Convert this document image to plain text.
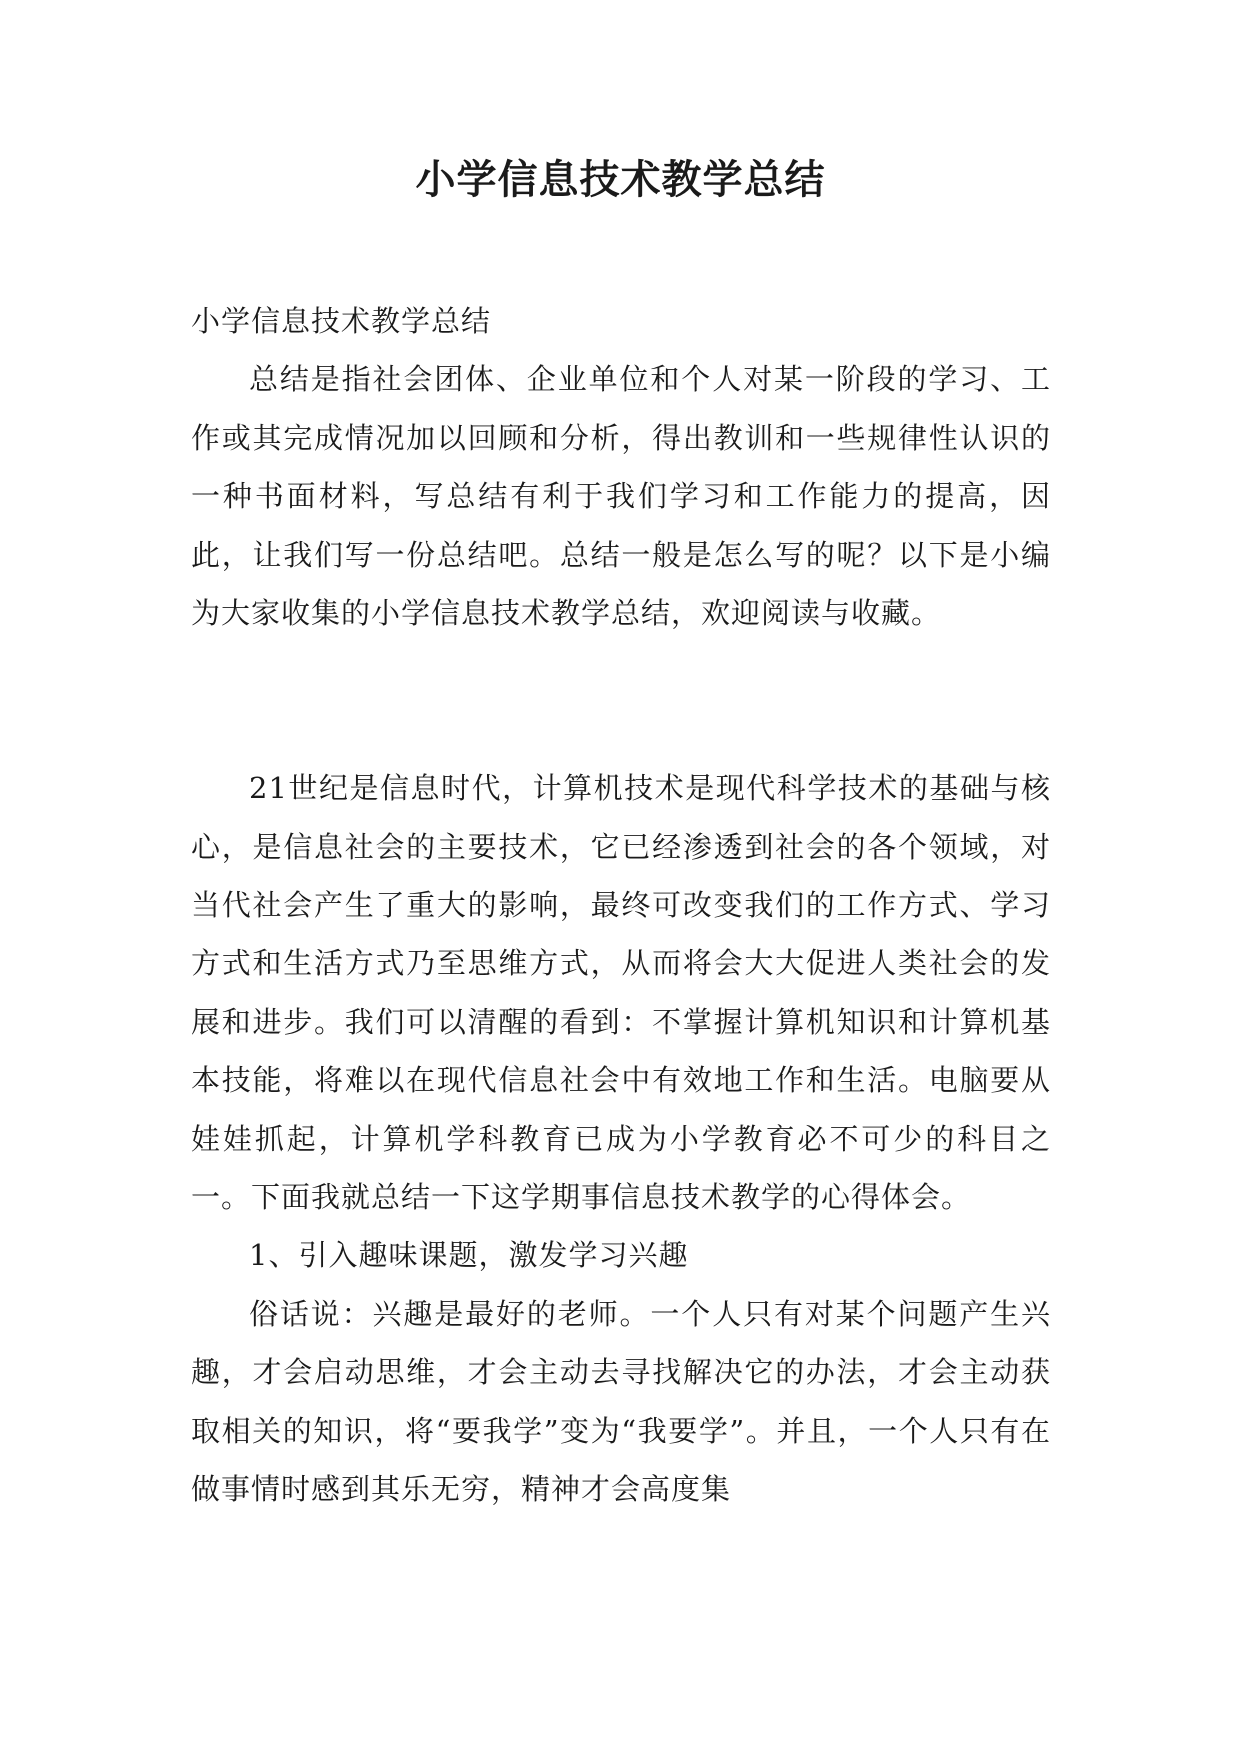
小学信息技术教学总结

小学信息技术教学总结

总结是指社会团体、企业单位和个人对某一阶段的学习、工作或其完成情况加以回顾和分析，得出教训和一些规律性认识的一种书面材料，写总结有利于我们学习和工作能力的提高，因此，让我们写一份总结吧。总结一般是怎么写的呢？以下是小编为大家收集的小学信息技术教学总结，欢迎阅读与收藏。

21世纪是信息时代，计算机技术是现代科学技术的基础与核心，是信息社会的主要技术，它已经渗透到社会的各个领域，对当代社会产生了重大的影响，最终可改变我们的工作方式、学习方式和生活方式乃至思维方式，从而将会大大促进人类社会的发展和进步。我们可以清醒的看到：不掌握计算机知识和计算机基本技能，将难以在现代信息社会中有效地工作和生活。电脑要从娃娃抓起，计算机学科教育已成为小学教育必不可少的科目之一。下面我就总结一下这学期事信息技术教学的心得体会。

1、引入趣味课题，激发学习兴趣

俗话说：兴趣是最好的老师。一个人只有对某个问题产生兴趣，才会启动思维，才会主动去寻找解决它的办法，才会主动获取相关的知识，将“要我学”变为“我要学”。并且，一个人只有在做事情时感到其乐无穷，精神才会高度集
